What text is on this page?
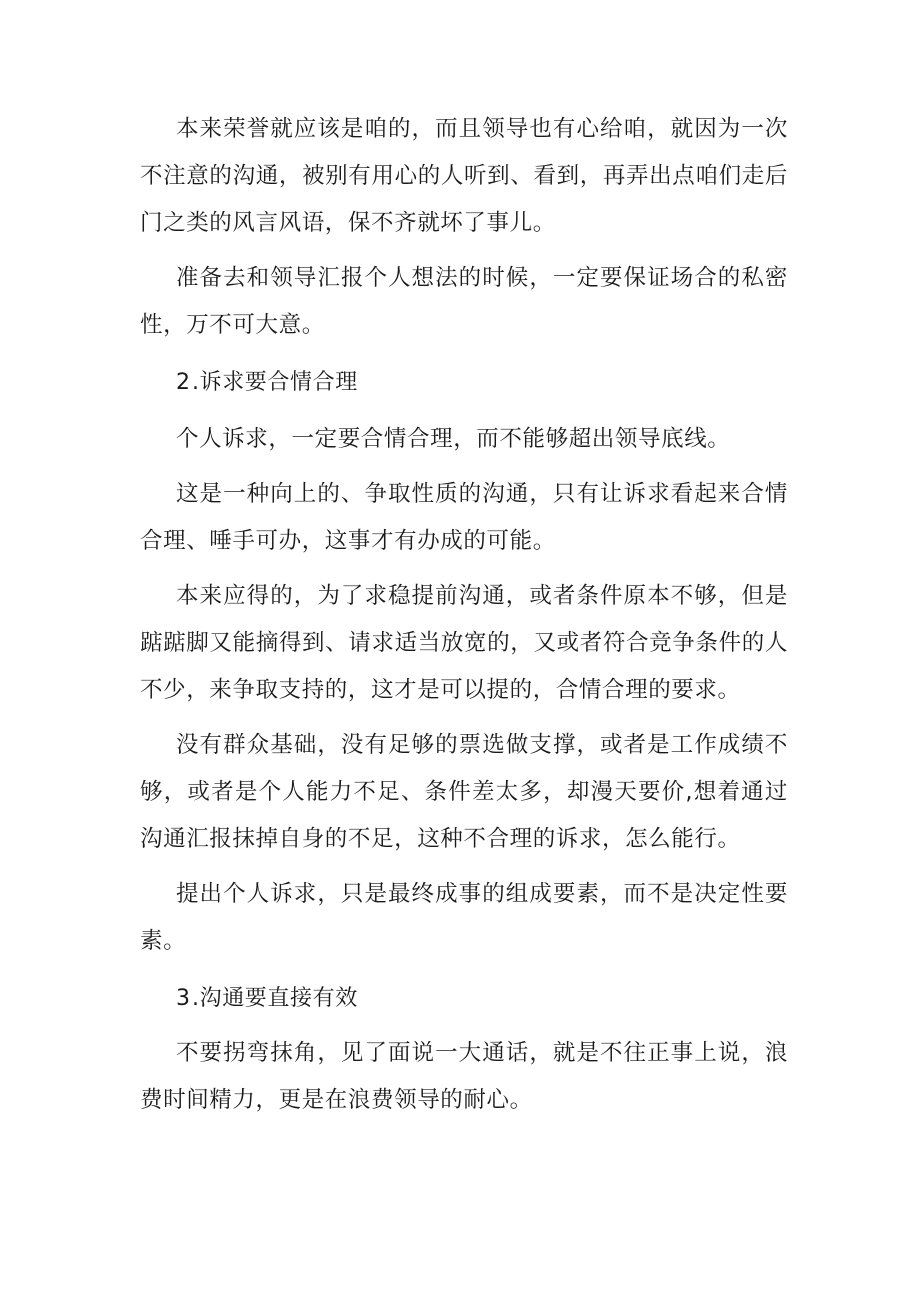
本来荣誉就应该是咱的，而且领导也有心给咱，就因为一次不注意的沟通，被别有用心的人听到、看到，再弄出点咱们走后门之类的风言风语，保不齐就坏了事儿。

准备去和领导汇报个人想法的时候，一定要保证场合的私密性，万不可大意。

2.诉求要合情合理

个人诉求，一定要合情合理，而不能够超出领导底线。

这是一种向上的、争取性质的沟通，只有让诉求看起来合情合理、唾手可办，这事才有办成的可能。

本来应得的，为了求稳提前沟通，或者条件原本不够，但是踮踮脚又能摘得到、请求适当放宽的，又或者符合竞争条件的人不少，来争取支持的，这才是可以提的，合情合理的要求。

没有群众基础，没有足够的票选做支撑，或者是工作成绩不够，或者是个人能力不足、条件差太多，却漫天要价,想着通过沟通汇报抹掉自身的不足，这种不合理的诉求，怎么能行。

提出个人诉求，只是最终成事的组成要素，而不是决定性要素。

3.沟通要直接有效

不要拐弯抹角，见了面说一大通话，就是不往正事上说，浪费时间精力，更是在浪费领导的耐心。
